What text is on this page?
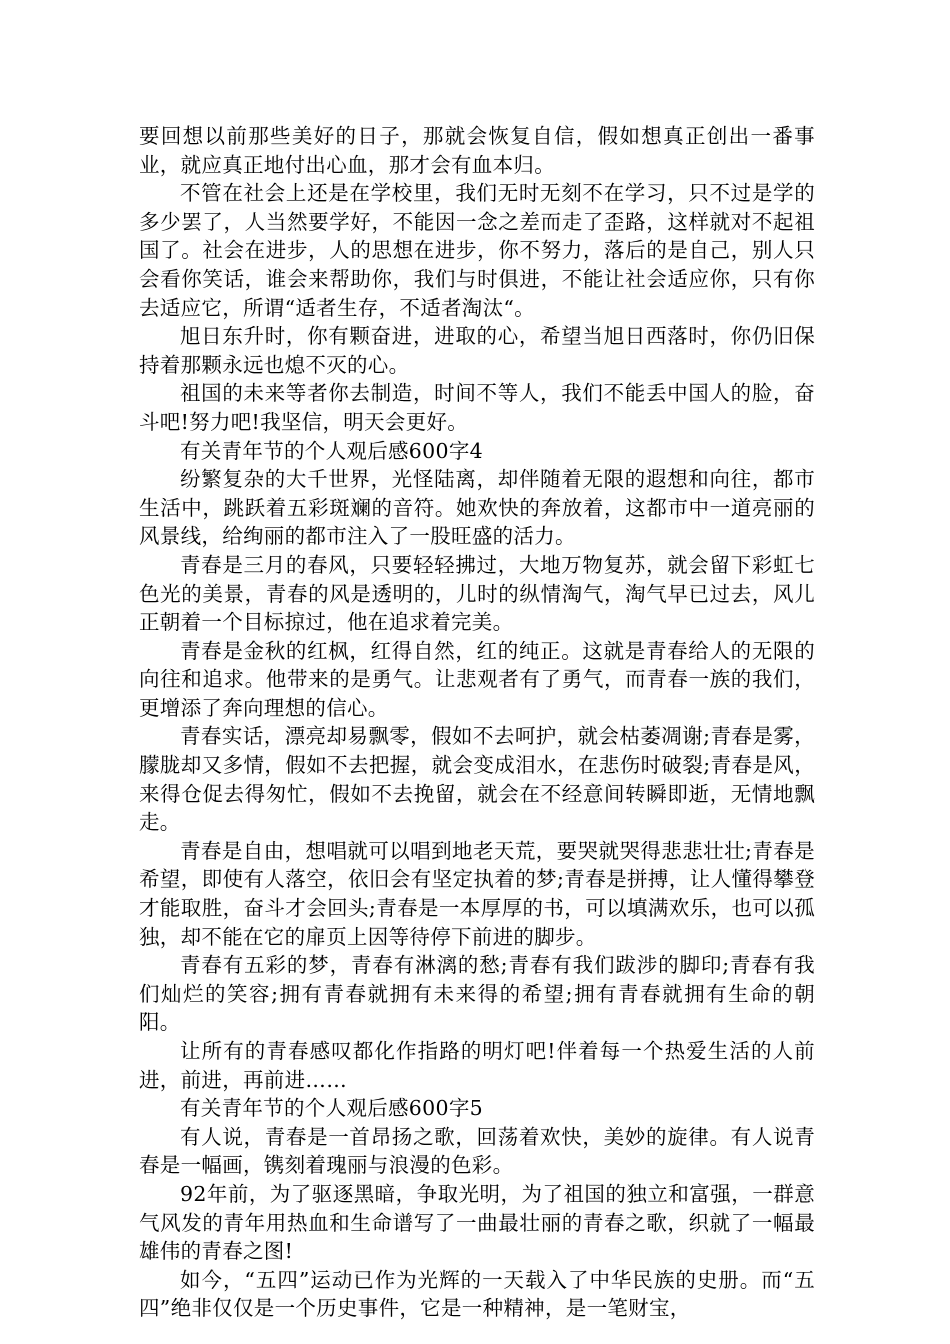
要回想以前那些美好的日子，那就会恢复自信，假如想真正创出一番事业，就应真正地付出心血，那才会有血本归。

不管在社会上还是在学校里，我们无时无刻不在学习，只不过是学的多少罢了，人当然要学好，不能因一念之差而走了歪路，这样就对不起祖国了。社会在进步，人的思想在进步，你不努力，落后的是自己，别人只会看你笑话，谁会来帮助你，我们与时俱进，不能让社会适应你，只有你去适应它，所谓“适者生存，不适者淘汰“。

旭日东升时，你有颗奋进，进取的心，希望当旭日西落时，你仍旧保持着那颗永远也熄不灭的心。

祖国的未来等者你去制造，时间不等人，我们不能丢中国人的脸，奋斗吧!努力吧!我坚信，明天会更好。

有关青年节的个人观后感600字4

纷繁复杂的大千世界，光怪陆离，却伴随着无限的遐想和向往，都市生活中，跳跃着五彩斑斓的音符。她欢快的奔放着，这都市中一道亮丽的风景线，给绚丽的都市注入了一股旺盛的活力。

青春是三月的春风，只要轻轻拂过，大地万物复苏，就会留下彩虹七色光的美景，青春的风是透明的，儿时的纵情淘气，淘气早已过去，风儿正朝着一个目标掠过，他在追求着完美。

青春是金秋的红枫，红得自然，红的纯正。这就是青春给人的无限的向往和追求。他带来的是勇气。让悲观者有了勇气，而青春一族的我们，更增添了奔向理想的信心。

青春实话，漂亮却易飘零，假如不去呵护，就会枯萎凋谢;青春是雾，朦胧却又多情，假如不去把握，就会变成泪水，在悲伤时破裂;青春是风，来得仓促去得匆忙，假如不去挽留，就会在不经意间转瞬即逝，无情地飘走。

青春是自由，想唱就可以唱到地老天荒，要哭就哭得悲悲壮壮;青春是希望，即使有人落空，依旧会有坚定执着的梦;青春是拼搏，让人懂得攀登才能取胜，奋斗才会回头;青春是一本厚厚的书，可以填满欢乐，也可以孤独，却不能在它的扉页上因等待停下前进的脚步。

青春有五彩的梦，青春有淋漓的愁;青春有我们跋涉的脚印;青春有我们灿烂的笑容;拥有青春就拥有未来得的希望;拥有青春就拥有生命的朝阳。

让所有的青春感叹都化作指路的明灯吧!伴着每一个热爱生活的人前进，前进，再前进……

有关青年节的个人观后感600字5

有人说，青春是一首昂扬之歌，回荡着欢快，美妙的旋律。有人说青春是一幅画，镌刻着瑰丽与浪漫的色彩。

92年前，为了驱逐黑暗，争取光明，为了祖国的独立和富强，一群意气风发的青年用热血和生命谱写了一曲最壮丽的青春之歌，织就了一幅最雄伟的青春之图!

如今，“五四”运动已作为光辉的一天载入了中华民族的史册。而“五四”绝非仅仅是一个历史事件，它是一种精神，是一笔财宝，
